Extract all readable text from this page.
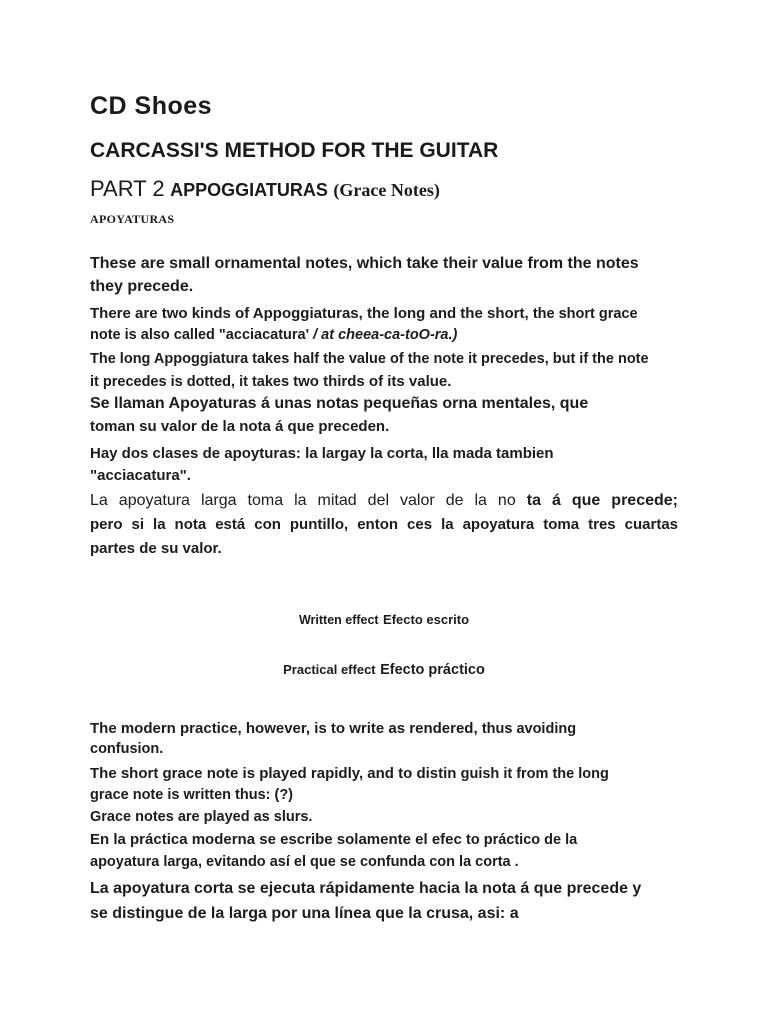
CD Shoes
CARCASSI'S METHOD FOR THE GUITAR
PART 2 APPOGGIATURAS (Grace Notes)
APOYATURAS
These are small ornamental notes, which take their value from the notes
they precede.
There are two kinds of Appoggiaturas, the long and the short, the short grace
note is also called "acciacatura' / at cheea-ca-toO-ra.)
The long Appoggiatura takes half the value of the note it precedes, but if the note
it precedes is dotted, it takes two thirds of its value.
Se llaman Apoyaturas á unas notas pequeñas orna mentales, que
toman su valor de la nota á que preceden.
Hay dos clases de apoyturas: la largay la corta, lla mada tambien
"acciacatura".
La apoyatura larga toma la mitad del valor de la no ta á que precede;
pero si la nota está con puntillo, enton ces la apoyatura toma tres cuartas
partes de su valor.
Written effect Efecto escrito
Practical effect Efecto práctico
The modern practice, however, is to write as rendered, thus avoiding
confusion.
The short grace note is played rapidly, and to distin guish it from the long
grace note is written thus: (?)
Grace notes are played as slurs.
En la práctica moderna se escribe solamente el efec to práctico de la
apoyatura larga, evitando así el que se confunda con la corta .
La apoyatura corta se ejecuta rápidamente hacia la nota á que precede y
se distingue de la larga por una línea que la crusa, asi: a
